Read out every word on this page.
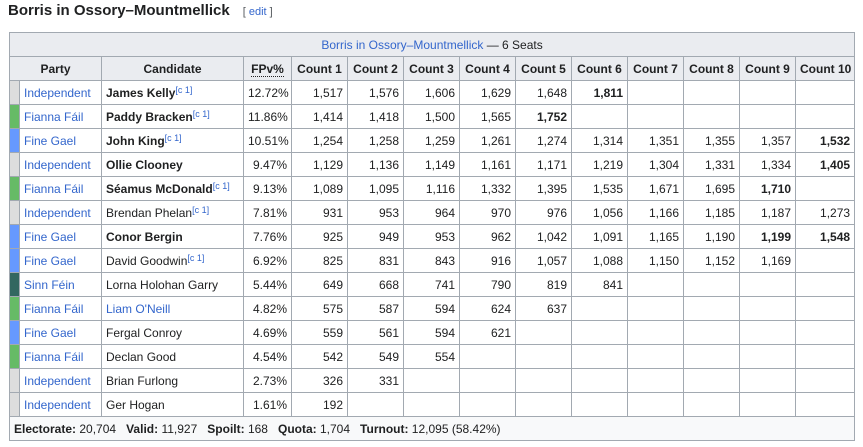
Borris in Ossory–Mountmellick [ edit ]
Borris in Ossory–Mountmellick — 6 Seats													
Party		Candidate	FPv%	Count 1	Count 2	Count 3	Count 4	Count 5	Count 6	Count 7	Count 8	Count 9	Count 10
	Independent	James Kelly[c 1]	12.72%	1,517	1,576	1,606	1,629	1,648	1,811				
	Fianna Fáil	Paddy Bracken[c 1]	11.86%	1,414	1,418	1,500	1,565	1,752					
	Fine Gael	John King[c 1]	10.51%	1,254	1,258	1,259	1,261	1,274	1,314	1,351	1,355	1,357	1,532
	Independent	Ollie Clooney	9.47%	1,129	1,136	1,149	1,161	1,171	1,219	1,304	1,331	1,334	1,405
	Fianna Fáil	Séamus McDonald[c 1]	9.13%	1,089	1,095	1,116	1,332	1,395	1,535	1,671	1,695	1,710	
	Independent	Brendan Phelan[c 1]	7.81%	931	953	964	970	976	1,056	1,166	1,185	1,187	1,273
	Fine Gael	Conor Bergin	7.76%	925	949	953	962	1,042	1,091	1,165	1,190	1,199	1,548
	Fine Gael	David Goodwin[c 1]	6.92%	825	831	843	916	1,057	1,088	1,150	1,152	1,169	
	Sinn Féin	Lorna Holohan Garry	5.44%	649	668	741	790	819	841				
	Fianna Fáil	Liam O'Neill	4.82%	575	587	594	624	637					
	Fine Gael	Fergal Conroy	4.69%	559	561	594	621						
	Fianna Fáil	Declan Good	4.54%	542	549	554							
	Independent	Brian Furlong	2.73%	326	331								
	Independent	Ger Hogan	1.61%	192									
Electorate: 20,704 Valid: 11,927 Spoilt: 168 Quota: 1,704 Turnout: 12,095 (58.42%)													
